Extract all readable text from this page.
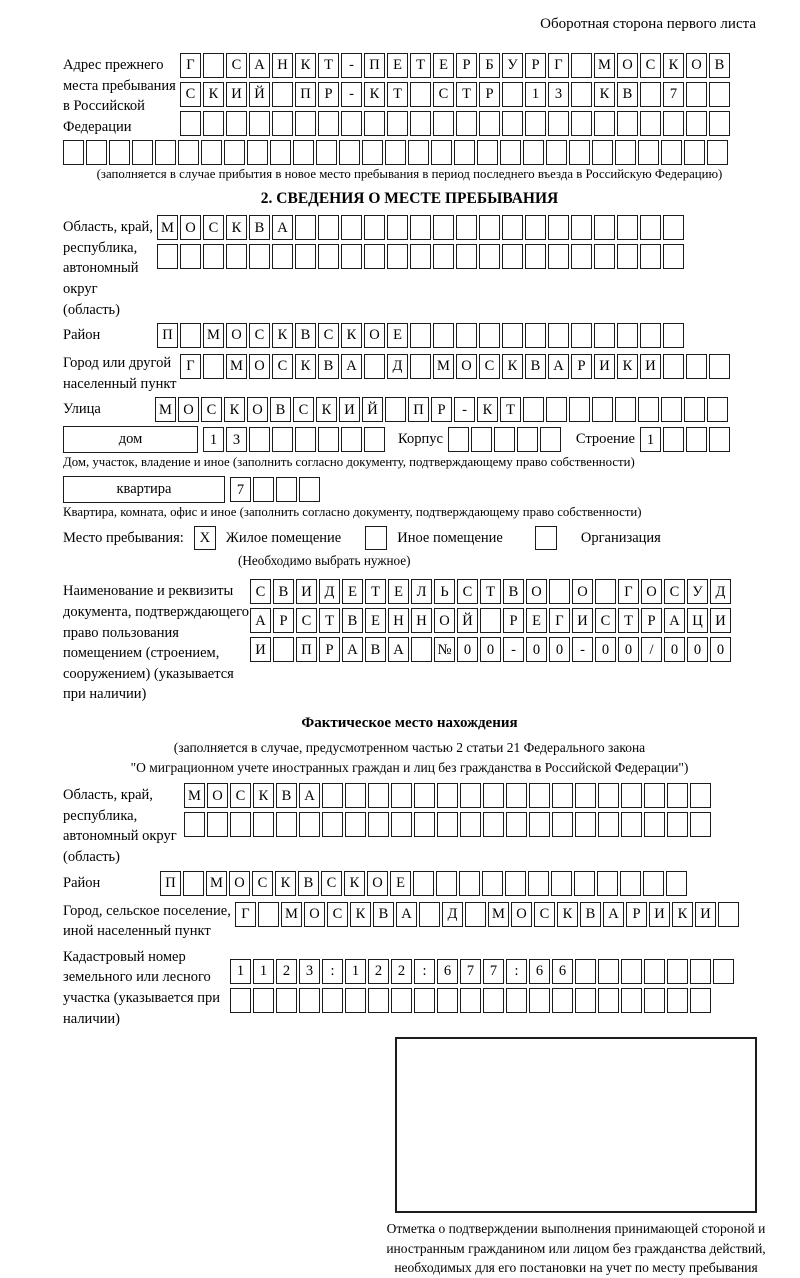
Оборотная сторона первого листа
Адрес прежнего места пребывания в Российской Федерации
Г	С А Н К Т	-	П Е Т Е	Р	Б У Р	Г	М О С К О В
С К И Й	П Р	-	К Т	С Т	Р	1	3	К В	7
(заполняется в случае прибытия в новое место пребывания в период последнего въезда в Российскую Федерацию)
2. СВЕДЕНИЯ О МЕСТЕ ПРЕБЫВАНИЯ
Область, край, республика, автономный округ (область)
М О С К В А
Район	П	М О С К В С К О Е
Город или другой населенный пункт
Г	М О С К В А	Д	М О С К В А Р И К И
Улица	М О С К О В С К И Й	П Р	-	К Т
дом	1	3	Корпус	Строение 1
Дом, участок, владение и иное (заполнить согласно документу, подтверждающему право собственности)
квартира	7
Квартира, комната, офис и иное (заполнить согласно документу, подтверждающему право собственности)
Место пребывания:	X	Жилое помещение	Иное помещение	Организация
(Необходимо выбрать нужное)
Наименование и реквизиты документа, подтверждающего право пользования помещением (строением, сооружением) (указывается при наличии)
С В И Д Е Т Е Л Ь С Т В О	О	Г О С У Д
А Р С Т В Е Н Н О Й	Р	Е Г И С Т	Р А Ц И
И	П Р А В А	№ 0	0	-	0	0	-	0	0	/	0	0	0
Фактическое место нахождения
(заполняется в случае, предусмотренном частью 2 статьи 21 Федерального закона
"О миграционном учете иностранных граждан и лиц без гражданства в Российской Федерации")
Область, край, республика, автономный округ (область)
М О С К В А
Район	П	М О С К В С К О Е
Город, сельское поселение, иной населенный пункт
Г	М О С К В А	Д	М О С К В А Р И К И
Кадастровый номер земельного или лесного участка (указывается при наличии)
1	1	2	3	:	1	2	2	:	6	7	7	:	6	6
Отметка о подтверждении выполнения принимающей стороной и иностранным гражданином или лицом без гражданства действий, необходимых для его постановки на учет по месту пребывания
